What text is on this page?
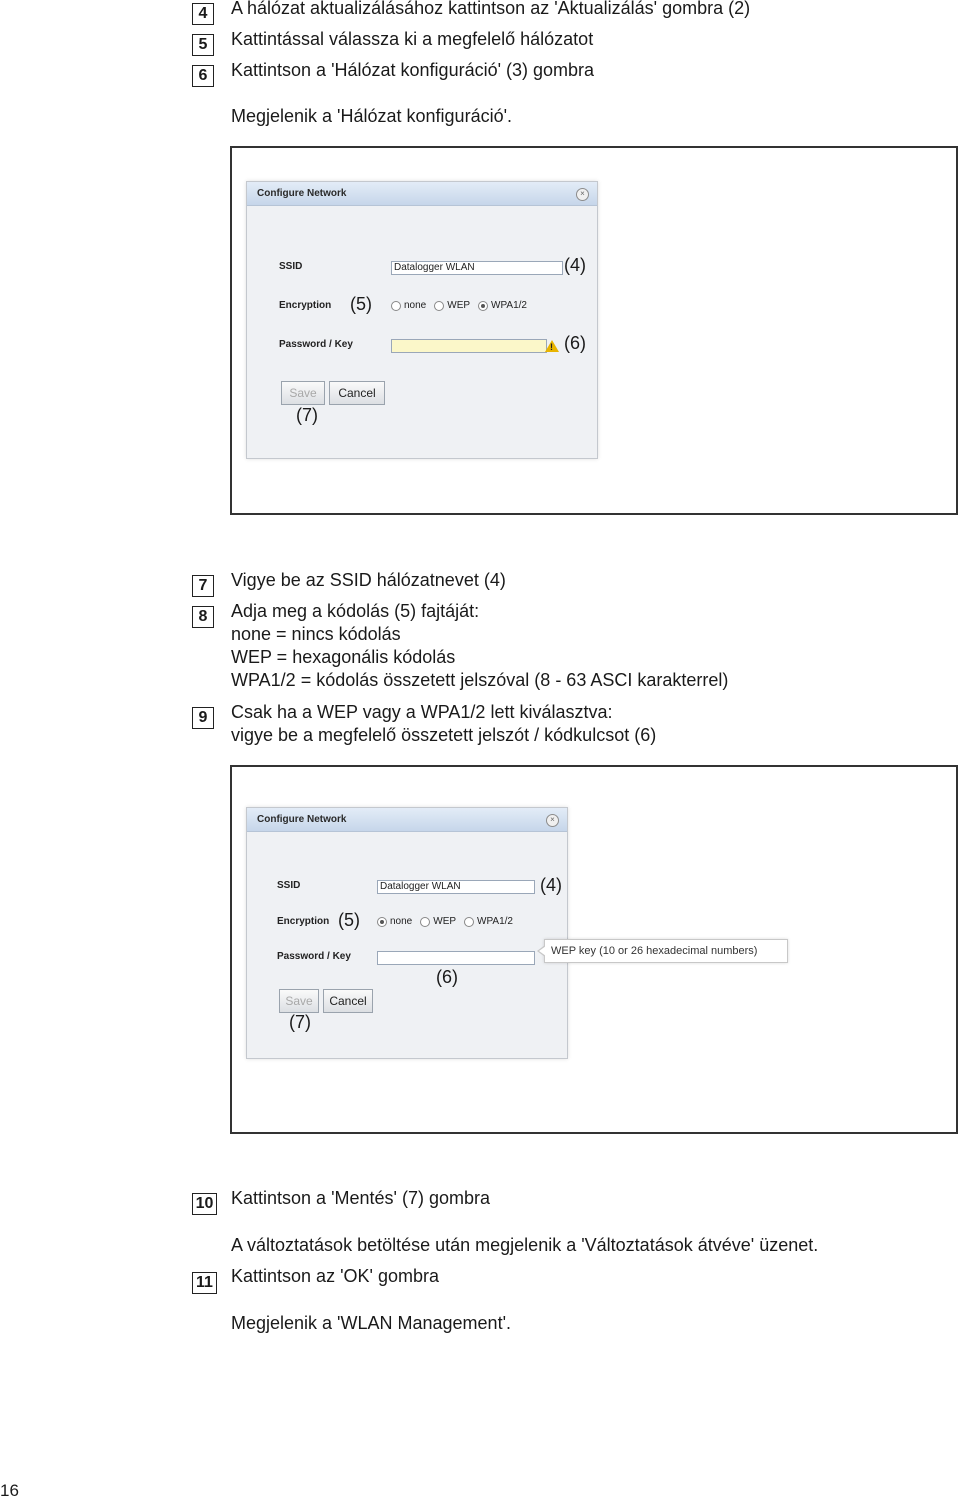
4	A hálózat aktualizálásához kattintson az 'Aktualizálás' gombra (2)
5	Kattintással válassza ki a megfelelő hálózatot
6	Kattintson a 'Hálózat konfiguráció' (3) gombra
Megjelenik a 'Hálózat konfiguráció'.
Configure Network	×
SSID	Datalogger WLAN
Encryption	none WEP WPA1/2
Password / Key	!
Save	Cancel
(4)
(5)
(6)
(7)
7	Vigye be az SSID hálózatnevet (4)
8	Adja meg a kódolás (5) fajtáját:
none = nincs kódolás
WEP = hexagonális kódolás
WPA1/2 = kódolás összetett jelszóval (8 - 63 ASCI karakterrel)
9	Csak ha a WEP vagy a WPA1/2 lett kiválasztva:
vigye be a megfelelő összetett jelszót / kódkulcsot (6)
Configure Network	×
SSID	Datalogger WLAN
Encryption	none WEP WPA1/2
Password / Key
Save	Cancel
WEP key (10 or 26 hexadecimal numbers)
(4)
(5)
(6)
(7)
10 Kattintson a 'Mentés' (7) gombra
A változtatások betöltése után megjelenik a 'Változtatások átvéve' üzenet.
11 Kattintson az 'OK' gombra
Megjelenik a 'WLAN Management'.
16
